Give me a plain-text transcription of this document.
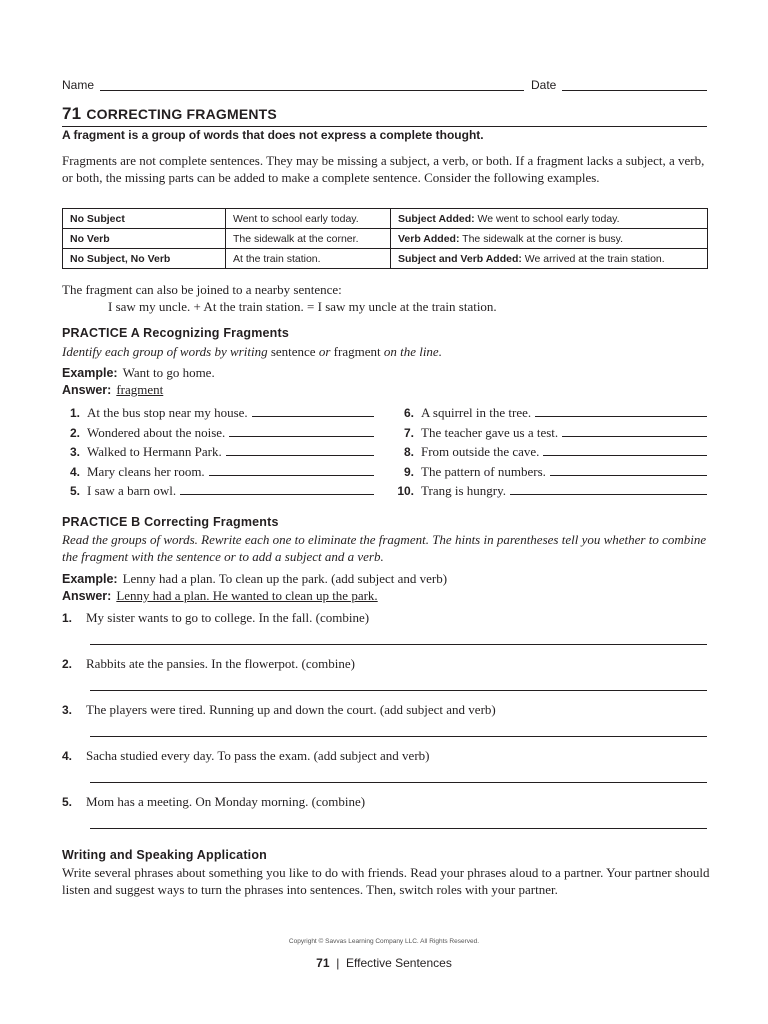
Name	Date
71 CORRECTING FRAGMENTS
A fragment is a group of words that does not express a complete thought.
Fragments are not complete sentences. They may be missing a subject, a verb, or both. If a fragment lacks a subject, a verb, or both, the missing parts can be added to make a complete sentence. Consider the following examples.
No Subject	Went to school early today.	Subject Added: We went to school early today.
No Verb	The sidewalk at the corner.	Verb Added: The sidewalk at the corner is busy.
No Subject, No Verb	At the train station.	Subject and Verb Added: We arrived at the train station.
The fragment can also be joined to a nearby sentence:
I saw my uncle. + At the train station. = I saw my uncle at the train station.
PRACTICE A Recognizing Fragments
Identify each group of words by writing sentence or fragment on the line.
Example: Want to go home.
Answer: fragment
1. At the bus stop near my house.
2. Wondered about the noise.
3. Walked to Hermann Park.
4. Mary cleans her room.
5. I saw a barn owl.
6. A squirrel in the tree.
7. The teacher gave us a test.
8. From outside the cave.
9. The pattern of numbers.
10. Trang is hungry.
PRACTICE B Correcting Fragments
Read the groups of words. Rewrite each one to eliminate the fragment. The hints in parentheses tell you whether to combine the fragment with the sentence or to add a subject and a verb.
Example: Lenny had a plan. To clean up the park. (add subject and verb)
Answer: Lenny had a plan. He wanted to clean up the park.
1. My sister wants to go to college. In the fall. (combine)
2. Rabbits ate the pansies. In the flowerpot. (combine)
3. The players were tired. Running up and down the court. (add subject and verb)
4. Sacha studied every day. To pass the exam. (add subject and verb)
5. Mom has a meeting. On Monday morning. (combine)
Writing and Speaking Application
Write several phrases about something you like to do with friends. Read your phrases aloud to a partner. Your partner should listen and suggest ways to turn the phrases into sentences. Then, switch roles with your partner.
Copyright © Savvas Learning Company LLC. All Rights Reserved.
71 | Effective Sentences
